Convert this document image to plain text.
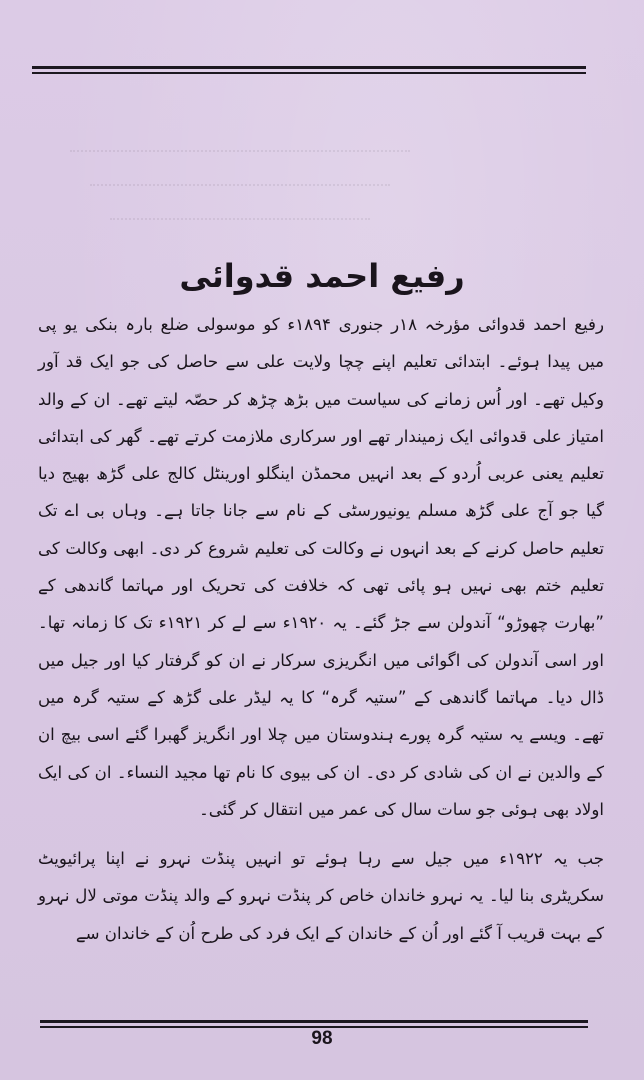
رفیع احمد قدوائی

رفیع احمد قدوائی مؤرخہ ۱۸ر جنوری ۱۸۹۴ء کو موسولی ضلع بارہ بنکی یو پی میں پیدا ہوئے۔ ابتدائی تعلیم اپنے چچا ولایت علی سے حاصل کی جو ایک قد آور وکیل تھے۔ اور اُس زمانے کی سیاست میں بڑھ چڑھ کر حصّہ لیتے تھے۔ ان کے والد امتیاز علی قدوائی ایک زمیندار تھے اور سرکاری ملازمت کرتے تھے۔ گھر کی ابتدائی تعلیم یعنی عربی اُردو کے بعد انہیں محمڈن اینگلو اورینٹل کالج علی گڑھ بھیج دیا گیا جو آج علی گڑھ مسلم یونیورسٹی کے نام سے جانا جاتا ہے۔ وہاں بی اے تک تعلیم حاصل کرنے کے بعد انہوں نے وکالت کی تعلیم شروع کر دی۔ ابھی وکالت کی تعلیم ختم بھی نہیں ہو پائی تھی کہ خلافت کی تحریک اور مہاتما گاندھی کے ”بھارت چھوڑو“ آندولن سے جڑ گئے۔ یہ ۱۹۲۰ء سے لے کر ۱۹۲۱ء تک کا زمانہ تھا۔ اور اسی آندولن کی اگوائی میں انگریزی سرکار نے ان کو گرفتار کیا اور جیل میں ڈال دیا۔ مہاتما گاندھی کے ”ستیہ گرہ“ کا یہ لیڈر علی گڑھ کے ستیہ گرہ میں تھے۔ ویسے یہ ستیہ گرہ پورے ہندوستان میں چلا اور انگریز گھبرا گئے اسی بیچ ان کے والدین نے ان کی شادی کر دی۔ ان کی بیوی کا نام تھا مجید النساء۔ ان کی ایک اولاد بھی ہوئی جو سات سال کی عمر میں انتقال کر گئی۔

جب یہ ۱۹۲۲ء میں جیل سے رہا ہوئے تو انہیں پنڈت نہرو نے اپنا پرائیویٹ سکریٹری بنا لیا۔ یہ نہرو خاندان خاص کر پنڈت نہرو کے والد پنڈت موتی لال نہرو کے بہت قریب آ گئے اور اُن کے خاندان کے ایک فرد کی طرح اُن کے خاندان سے

98
